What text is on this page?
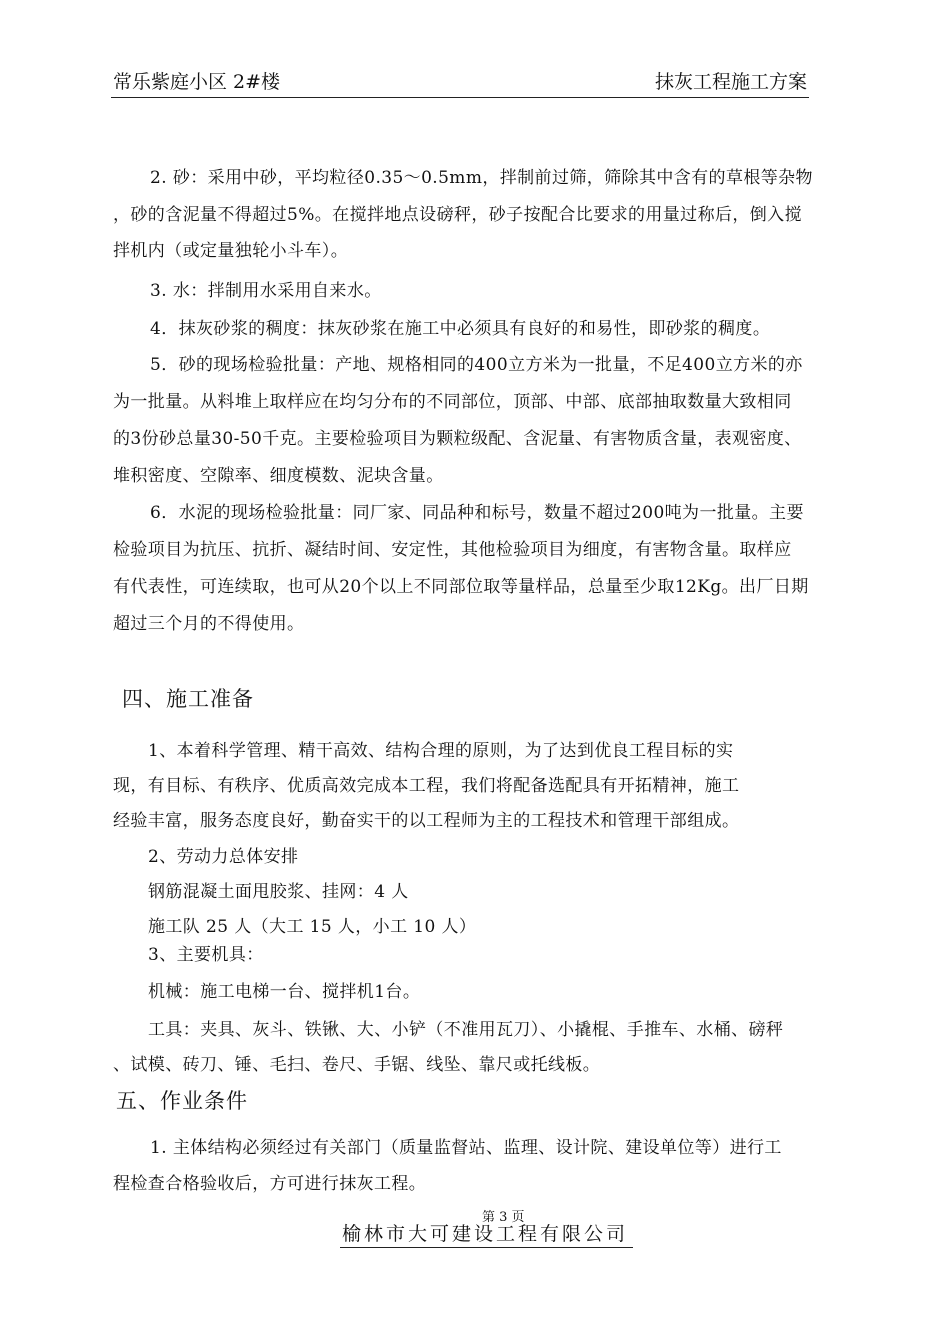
常乐紫庭小区 2#楼	抹灰工程施工方案
2. 砂：采用中砂，平均粒径0.35～0.5mm，拌制前过筛，筛除其中含有的草根等杂物
，砂的含泥量不得超过5%。在搅拌地点设磅秤，砂子按配合比要求的用量过称后，倒入搅
拌机内（或定量独轮小斗车）。
3. 水：拌制用水采用自来水。
4．抹灰砂浆的稠度：抹灰砂浆在施工中必须具有良好的和易性，即砂浆的稠度。
5．砂的现场检验批量：产地、规格相同的400立方米为一批量，不足400立方米的亦
为一批量。从料堆上取样应在均匀分布的不同部位，顶部、中部、底部抽取数量大致相同
的3份砂总量30-50千克。主要检验项目为颗粒级配、含泥量、有害物质含量，表观密度、
堆积密度、空隙率、细度模数、泥块含量。
6．水泥的现场检验批量：同厂家、同品种和标号，数量不超过200吨为一批量。主要
检验项目为抗压、抗折、凝结时间、安定性，其他检验项目为细度，有害物含量。取样应
有代表性，可连续取，也可从20个以上不同部位取等量样品，总量至少取12Kg。出厂日期
超过三个月的不得使用。
四、施工准备
1、本着科学管理、精干高效、结构合理的原则，为了达到优良工程目标的实
现，有目标、有秩序、优质高效完成本工程，我们将配备选配具有开拓精神，施工
经验丰富，服务态度良好，勤奋实干的以工程师为主的工程技术和管理干部组成。
2、劳动力总体安排
钢筋混凝土面甩胶浆、挂网：4 人
施工队 25 人（大工 15 人，小工 10 人）
3、主要机具：
机械：施工电梯一台、搅拌机1台。
工具：夹具、灰斗、铁锹、大、小铲（不准用瓦刀）、小撬棍、手推车、水桶、磅秤
、试模、砖刀、锤、毛扫、卷尺、手锯、线坠、靠尺或托线板。
五、作业条件
1. 主体结构必须经过有关部门（质量监督站、监理、设计院、建设单位等）进行工
程检查合格验收后，方可进行抹灰工程。
第 3 页
榆林市大可建设工程有限公司
